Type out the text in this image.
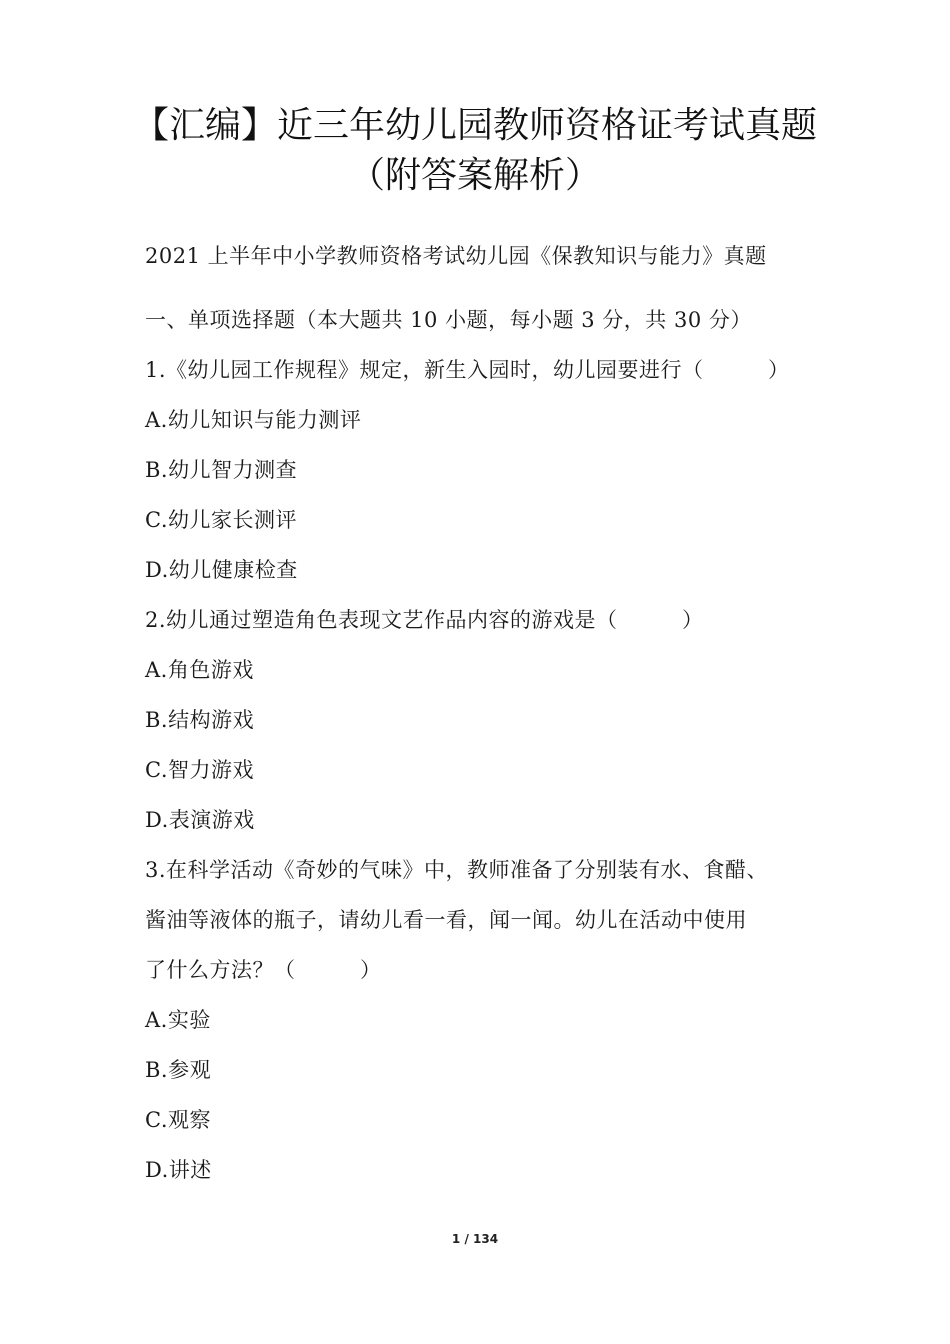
【汇编】近三年幼儿园教师资格证考试真题
（附答案解析）
2021 上半年中小学教师资格考试幼儿园《保教知识与能力》真题
一、单项选择题（本大题共 10 小题，每小题 3 分，共 30 分）
1.《幼儿园工作规程》规定，新生入园时，幼儿园要进行（　　　）
A.幼儿知识与能力测评
B.幼儿智力测查
C.幼儿家长测评
D.幼儿健康检查
2.幼儿通过塑造角色表现文艺作品内容的游戏是（　　　）
A.角色游戏
B.结构游戏
C.智力游戏
D.表演游戏
3.在科学活动《奇妙的气味》中，教师准备了分别装有水、食醋、
酱油等液体的瓶子，请幼儿看一看，闻一闻。幼儿在活动中使用
了什么方法？（　　　）
A.实验
B.参观
C.观察
D.讲述
1 / 134
